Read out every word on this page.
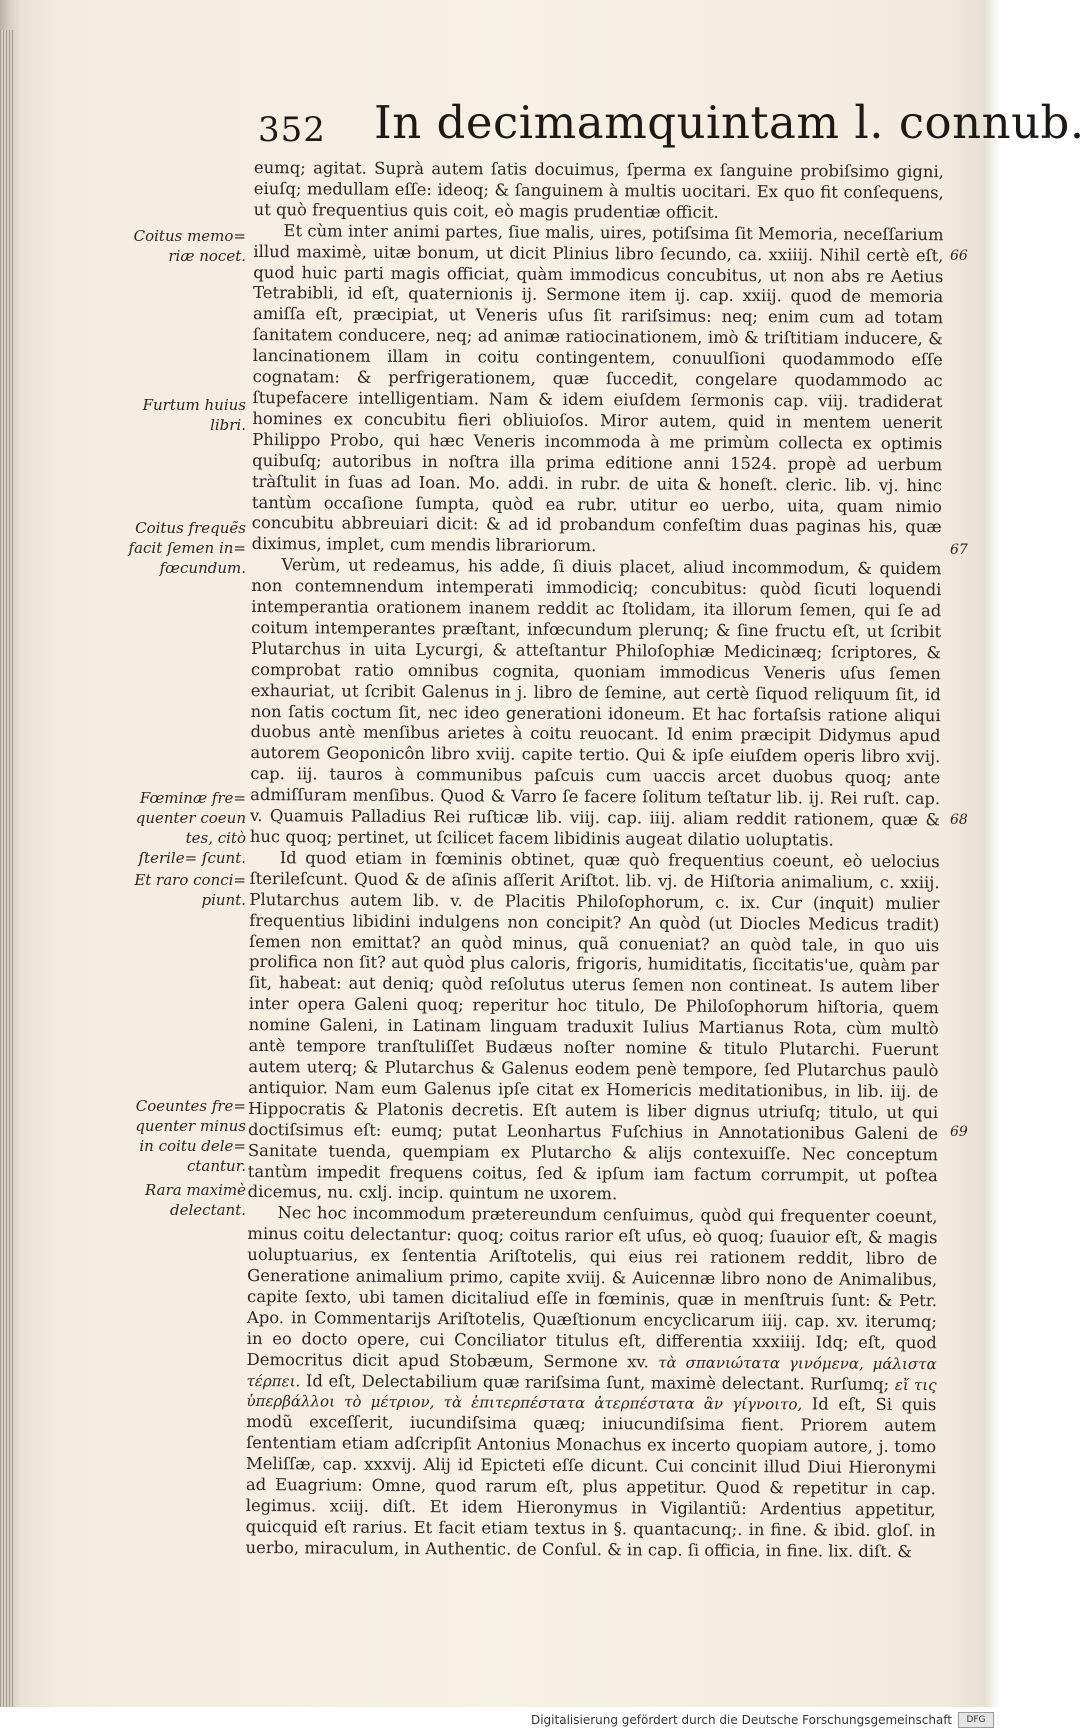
352 In decimamquintam l. connub.
Coitus memo= riæ nocet.
Furtum huius libri.
Coitus frequẽs facit ſemen in= fœcundum.
Fœminæ fre= quenter coeun tes, citò ſterile= ſcunt.
Et raro conci= piunt.
Coeuntes fre= quenter minus in coitu dele= ctantur.
Rara maximè delectant.
66
67
68
69

eumq; agitat. Suprà autem ſatis docuimus, ſperma ex ſanguine probiſsimo gigni, eiuſq; medullam eſſe: ideoq; & ſanguinem à multis uocitari. Ex quo fit conſequens, ut quò frequentius quis coit, eò magis prudentiæ officit.

Et cùm inter animi partes, ſiue malis, uires, potiſsima ſit Memoria, neceſſarium illud maximè, uitæ bonum, ut dicit Plinius libro ſecundo, ca. xxiiij. Nihil certè eſt, quod huic parti magis officiat, quàm immodicus concubitus, ut non abs re Aetius Tetrabibli, id eſt, quaternionis ij. Sermone item ij. cap. xxiij. quod de memoria amiſſa eſt, præcipiat, ut Veneris uſus ſit rariſsimus: neq; enim cum ad totam ſanitatem conducere, neq; ad animæ ratiocinationem, imò & triſtitiam inducere, & lancinationem illam in coitu contingentem, conuulſioni quodammodo eſſe cognatam: & perfrigerationem, quæ ſuccedit, congelare quodammodo ac ſtupefacere intelligentiam. Nam & idem eiuſdem ſermonis cap. viij. tradiderat homines ex concubitu fieri obliuioſos. Miror autem, quid in mentem uenerit Philippo Probo, qui hæc Veneris incommoda à me primùm collecta ex optimis quibuſq; autoribus in noſtra illa prima editione anni 1524. propè ad uerbum tràſtulit in ſuas ad Ioan. Mo. addi. in rubr. de uita & honeſt. cleric. lib. vj. hinc tantùm occaſione ſumpta, quòd ea rubr. utitur eo uerbo, uita, quam nimio concubitu abbreuiari dicit: & ad id probandum confeſtim duas paginas his, quæ diximus, implet, cum mendis librariorum.

Verùm, ut redeamus, his adde, ſi diuis placet, aliud incommodum, & quidem non contemnendum intemperati immodiciq; concubitus: quòd ſicuti loquendi intemperantia orationem inanem reddit ac ſtolidam, ita illorum ſemen, qui ſe ad coitum intemperantes præſtant, infœcundum plerunq; & ſine fructu eſt, ut ſcribit Plutarchus in uita Lycurgi, & atteſtantur Philoſophiæ Medicinæq; ſcriptores, & comprobat ratio omnibus cognita, quoniam immodicus Veneris uſus ſemen exhauriat, ut ſcribit Galenus in j. libro de ſemine, aut certè ſiquod reliquum ſit, id non ſatis coctum ſit, nec ideo generationi idoneum. Et hac fortaſsis ratione aliqui duobus antè menſibus arietes à coitu reuocant. Id enim præcipit Didymus apud autorem Geoponicôn libro xviij. capite tertio. Qui & ipſe eiuſdem operis libro xvij. cap. iij. tauros à communibus paſcuis cum uaccis arcet duobus quoq; ante admiſſuram menſibus. Quod & Varro ſe facere ſolitum teſtatur lib. ij. Rei ruſt. cap. v. Quamuis Palladius Rei ruſticæ lib. viij. cap. iiij. aliam reddit rationem, quæ & huc quoq; pertinet, ut ſcilicet facem libidinis augeat dilatio uoluptatis.

Id quod etiam in fœminis obtinet, quæ quò frequentius coeunt, eò uelocius ſterileſcunt. Quod & de aſinis aſſerit Ariſtot. lib. vj. de Hiſtoria animalium, c. xxiij. Plutarchus autem lib. v. de Placitis Philoſophorum, c. ix. Cur (inquit) mulier frequentius libidini indulgens non concipit? An quòd (ut Diocles Medicus tradit) ſemen non emittat? an quòd minus, quã conueniat? an quòd tale, in quo uis prolifica non ſit? aut quòd plus caloris, frigoris, humiditatis, ſiccitatis'ue, quàm par ſit, habeat: aut deniq; quòd reſolutus uterus ſemen non contineat. Is autem liber inter opera Galeni quoq; reperitur hoc titulo, De Philoſophorum hiſtoria, quem nomine Galeni, in Latinam linguam traduxit Iulius Martianus Rota, cùm multò antè tempore tranſtuliſſet Budæus noſter nomine & titulo Plutarchi. Fuerunt autem uterq; & Plutarchus & Galenus eodem penè tempore, ſed Plutarchus paulò antiquior. Nam eum Galenus ipſe citat ex Homericis meditationibus, in lib. iij. de Hippocratis & Platonis decretis. Eſt autem is liber dignus utriuſq; titulo, ut qui doctiſsimus eſt: eumq; putat Leonhartus Fuſchius in Annotationibus Galeni de Sanitate tuenda, quempiam ex Plutarcho & alijs contexuiſſe. Nec conceptum tantùm impedit frequens coitus, ſed & ipſum iam factum corrumpit, ut poſtea dicemus, nu. cxlj. incip. quintum ne uxorem.

Nec hoc incommodum prætereundum cenſuimus, quòd qui frequenter coeunt, minus coitu delectantur: quoq; coitus rarior eſt uſus, eò quoq; ſuauior eſt, & magis uoluptuarius, ex ſententia Ariſtotelis, qui eius rei rationem reddit, libro de Generatione animalium primo, capite xviij. & Auicennæ libro nono de Animalibus, capite ſexto, ubi tamen dicitaliud eſſe in fœminis, quæ in menſtruis ſunt: & Petr. Apo. in Commentarijs Ariſtotelis, Quæſtionum encyclicarum iiij. cap. xv. iterumq; in eo docto opere, cui Conciliator titulus eſt, differentia xxxiiij. Idq; eſt, quod Democritus dicit apud Stobæum, Sermone xv. τὰ σπανιώτατα γινόμενα, μάλιστα τέρπει. Id eſt, Delectabilium quæ rariſsima ſunt, maximè delectant. Rurſumq; εἴ τις ὑπερβάλλοι τὸ μέτριον, τὰ ἐπιτερπέστατα ἀτερπέστατα ἂν γίγνοιτο, Id eſt, Si quis modũ exceſſerit, iucundiſsima quæq; iniucundiſsima fient. Priorem autem ſententiam etiam adſcripſit Antonius Monachus ex incerto quopiam autore, j. tomo Meliſſæ, cap. xxxvij. Alij id Epicteti eſſe dicunt. Cui concinit illud Diui Hieronymi ad Euagrium: Omne, quod rarum eſt, plus appetitur. Quod & repetitur in cap. legimus. xciij. diſt. Et idem Hieronymus in Vigilantiũ: Ardentius appetitur, quicquid eſt rarius. Et facit etiam textus in §. quantacunq;. in fine. & ibid. gloſ. in uerbo, miraculum, in Authentic. de Conſul. & in cap. ſi officia, in fine. lix. diſt. &

Digitalisierung gefördert durch die Deutsche Forschungsgemeinschaft	DFG
